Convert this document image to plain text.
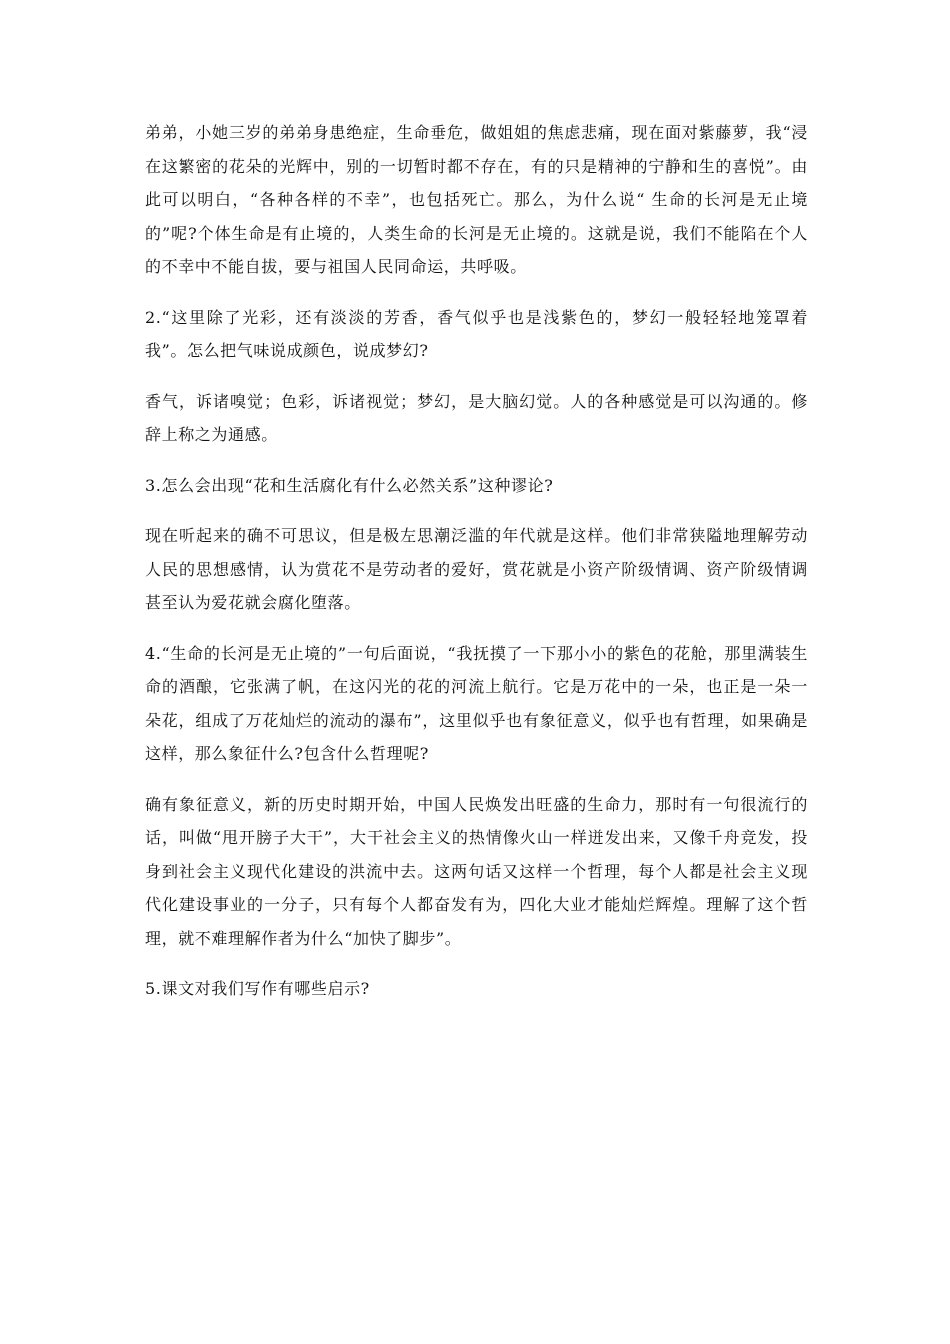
弟弟，小她三岁的弟弟身患绝症，生命垂危，做姐姐的焦虑悲痛，现在面对紫藤萝，我“浸在这繁密的花朵的光辉中，别的一切暂时都不存在，有的只是精神的宁静和生的喜悦”。由此可以明白，“各种各样的不幸”，也包括死亡。那么，为什么说“ 生命的长河是无止境的”呢?个体生命是有止境的，人类生命的长河是无止境的。这就是说，我们不能陷在个人的不幸中不能自拔，要与祖国人民同命运，共呼吸。

2.“这里除了光彩，还有淡淡的芳香，香气似乎也是浅紫色的，梦幻一般轻轻地笼罩着我”。怎么把气味说成颜色，说成梦幻?

香气，诉诸嗅觉；色彩，诉诸视觉；梦幻，是大脑幻觉。人的各种感觉是可以沟通的。修辞上称之为通感。

3.怎么会出现“花和生活腐化有什么必然关系”这种谬论?

现在听起来的确不可思议，但是极左思潮泛滥的年代就是这样。他们非常狭隘地理解劳动人民的思想感情，认为赏花不是劳动者的爱好，赏花就是小资产阶级情调、资产阶级情调甚至认为爱花就会腐化堕落。

4.“生命的长河是无止境的”一句后面说，“我抚摸了一下那小小的紫色的花舱，那里满装生命的酒酿，它张满了帆，在这闪光的花的河流上航行。它是万花中的一朵，也正是一朵一朵花，组成了万花灿烂的流动的瀑布”，这里似乎也有象征意义，似乎也有哲理，如果确是这样，那么象征什么?包含什么哲理呢?

确有象征意义，新的历史时期开始，中国人民焕发出旺盛的生命力，那时有一句很流行的话，叫做“甩开膀子大干”，大干社会主义的热情像火山一样迸发出来，又像千舟竞发，投身到社会主义现代化建设的洪流中去。这两句话又这样一个哲理，每个人都是社会主义现代化建设事业的一分子，只有每个人都奋发有为，四化大业才能灿烂辉煌。理解了这个哲理，就不难理解作者为什么“加快了脚步”。

5.课文对我们写作有哪些启示?
